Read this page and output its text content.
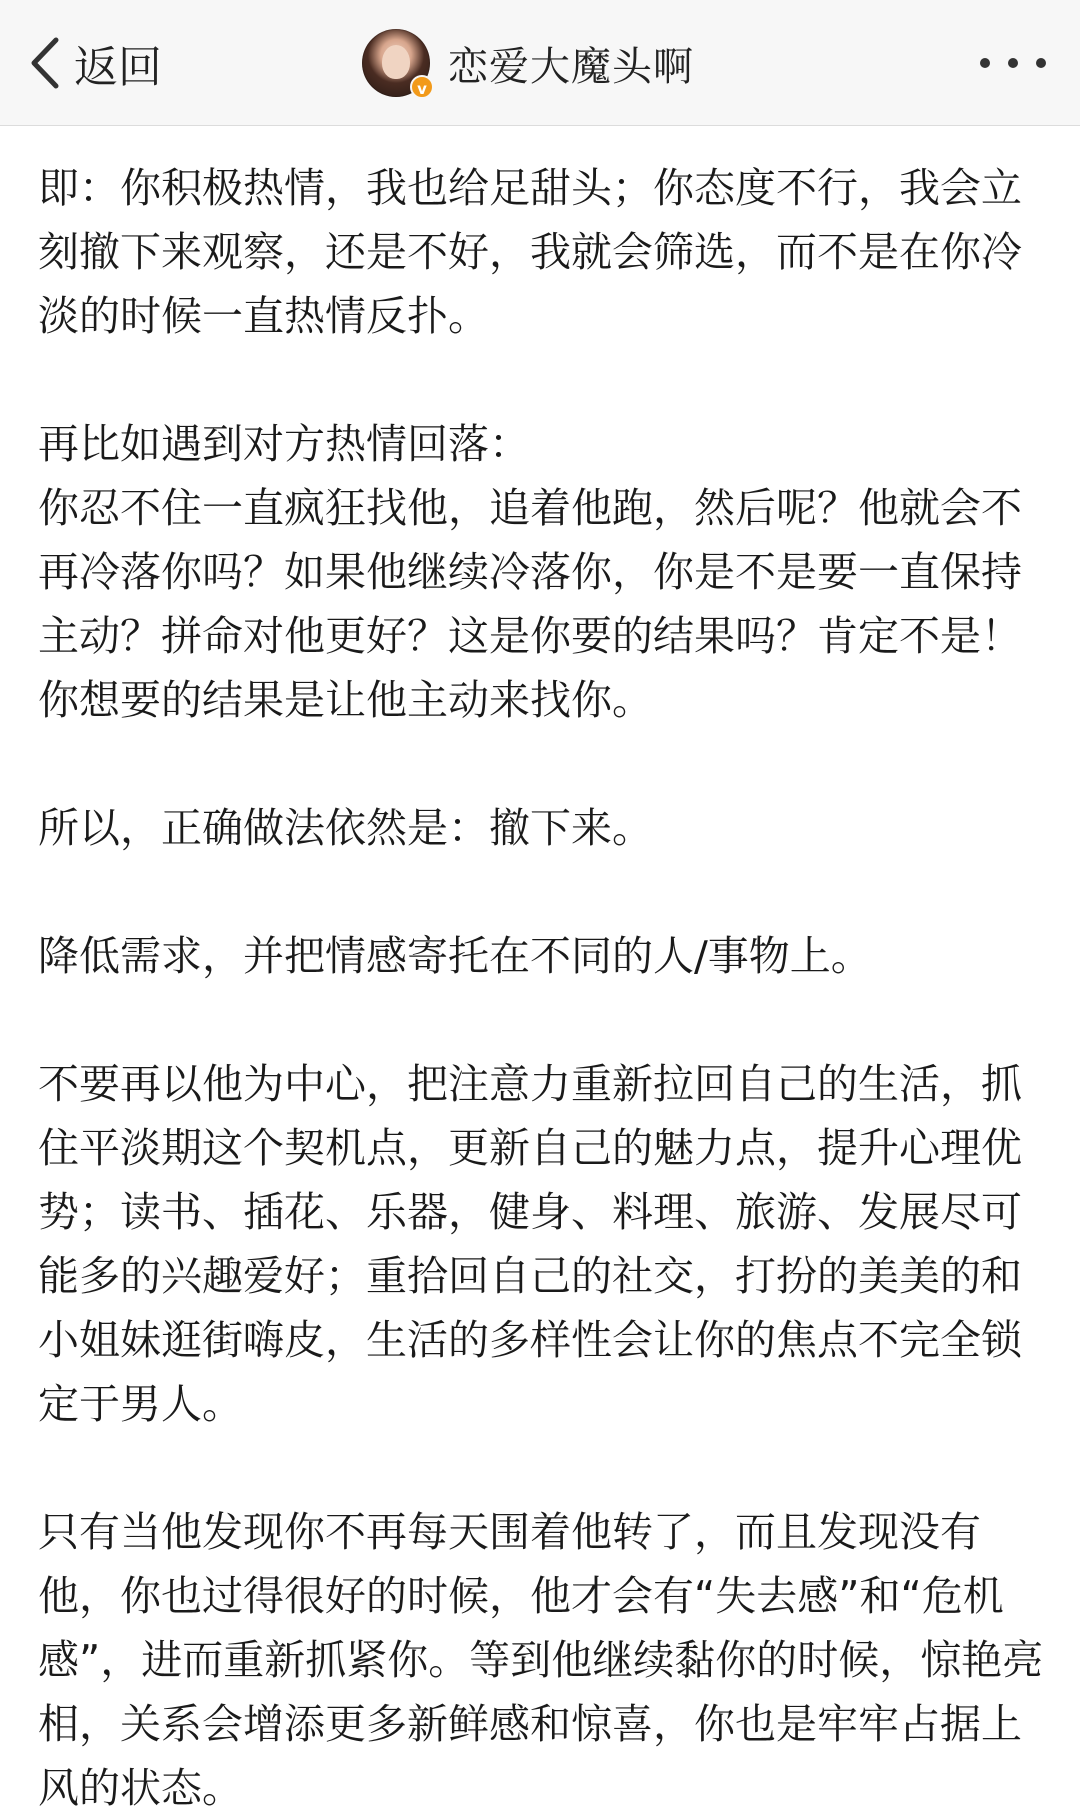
返回	v 恋爱大魔头啊

即：你积极热情，我也给足甜头；你态度不行，我会立刻撤下来观察，还是不好，我就会筛选，而不是在你冷淡的时候一直热情反扑。

再比如遇到对方热情回落：
你忍不住一直疯狂找他，追着他跑，然后呢？他就会不再冷落你吗？如果他继续冷落你，你是不是要一直保持主动？拼命对他更好？这是你要的结果吗？肯定不是！你想要的结果是让他主动来找你。

所以，正确做法依然是：撤下来。

降低需求，并把情感寄托在不同的人/事物上。

不要再以他为中心，把注意力重新拉回自己的生活，抓住平淡期这个契机点，更新自己的魅力点，提升心理优势；读书、插花、乐器，健身、料理、旅游、发展尽可能多的兴趣爱好；重拾回自己的社交，打扮的美美的和小姐妹逛街嗨皮，生活的多样性会让你的焦点不完全锁定于男人。

只有当他发现你不再每天围着他转了，而且发现没有他，你也过得很好的时候，他才会有“失去感”和“危机感”，进而重新抓紧你。等到他继续黏你的时候，惊艳亮相，关系会增添更多新鲜感和惊喜，你也是牢牢占据上风的状态。
